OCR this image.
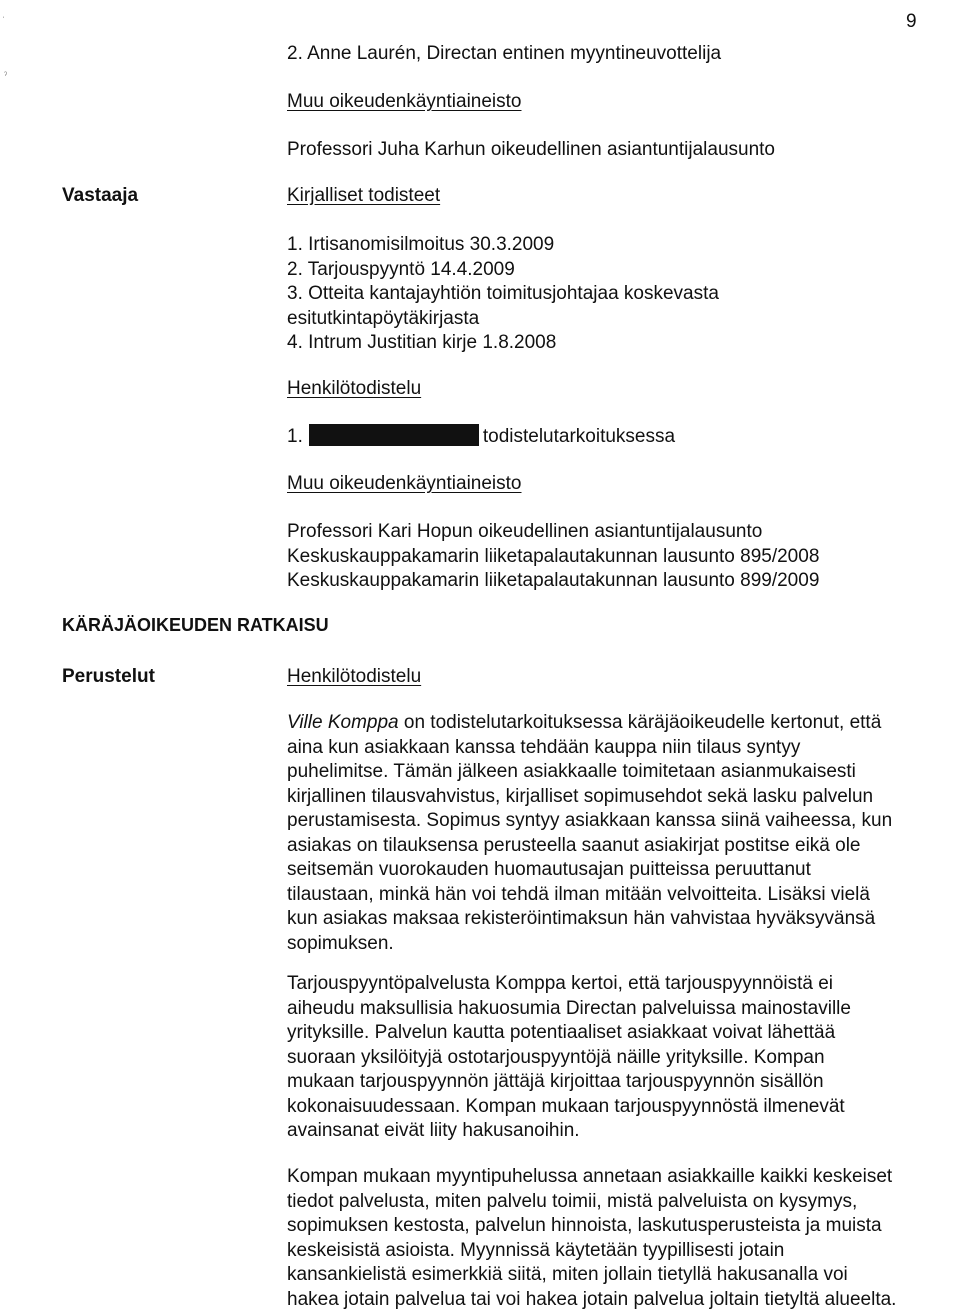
9
ˌ
ˀ
Vastaaja
KÄRÄJÄOIKEUDEN RATKAISU
Perustelut
2. Anne Laurén, Directan entinen myyntineuvottelija
Muu oikeudenkäyntiaineisto
Professori Juha Karhun oikeudellinen asiantuntijalausunto
Kirjalliset todisteet
1. Irtisanomisilmoitus 30.3.2009
2. Tarjouspyyntö 14.4.2009
3. Otteita kantajayhtiön toimitusjohtajaa koskevasta
esitutkintapöytäkirjasta
4. Intrum Justitian kirje 1.8.2008
Henkilötodistelu
1.	todistelutarkoituksessa
Muu oikeudenkäyntiaineisto
Professori Kari Hopun oikeudellinen asiantuntijalausunto
Keskuskauppakamarin liiketapalautakunnan lausunto 895/2008
Keskuskauppakamarin liiketapalautakunnan lausunto 899/2009
Henkilötodistelu
Ville Komppa on todistelutarkoituksessa käräjäoikeudelle kertonut, että
aina kun asiakkaan kanssa tehdään kauppa niin tilaus syntyy
puhelimitse. Tämän jälkeen asiakkaalle toimitetaan asianmukaisesti
kirjallinen tilausvahvistus, kirjalliset sopimusehdot sekä lasku palvelun
perustamisesta. Sopimus syntyy asiakkaan kanssa siinä vaiheessa, kun
asiakas on tilauksensa perusteella saanut asiakirjat postitse eikä ole
seitsemän vuorokauden huomautusajan puitteissa peruuttanut
tilaustaan, minkä hän voi tehdä ilman mitään velvoitteita. Lisäksi vielä
kun asiakas maksaa rekisteröintimaksun hän vahvistaa hyväksyvänsä
sopimuksen.
Tarjouspyyntöpalvelusta Komppa kertoi, että tarjouspyynnöistä ei
aiheudu maksullisia hakuosumia Directan palveluissa mainostaville
yrityksille. Palvelun kautta potentiaaliset asiakkaat voivat lähettää
suoraan yksilöityjä ostotarjouspyyntöjä näille yrityksille. Kompan
mukaan tarjouspyynnön jättäjä kirjoittaa tarjouspyynnön sisällön
kokonaisuudessaan. Kompan mukaan tarjouspyynnöstä ilmenevät
avainsanat eivät liity hakusanoihin.
Kompan mukaan myyntipuhelussa annetaan asiakkaille kaikki keskeiset
tiedot palvelusta, miten palvelu toimii, mistä palveluista on kysymys,
sopimuksen kestosta, palvelun hinnoista, laskutusperusteista ja muista
keskeisistä asioista. Myynnissä käytetään tyypillisesti jotain
kansankielistä esimerkkiä siitä, miten jollain tietyllä hakusanalla voi
hakea jotain palvelua tai voi hakea jotain palvelua joltain tietyltä alueelta.
